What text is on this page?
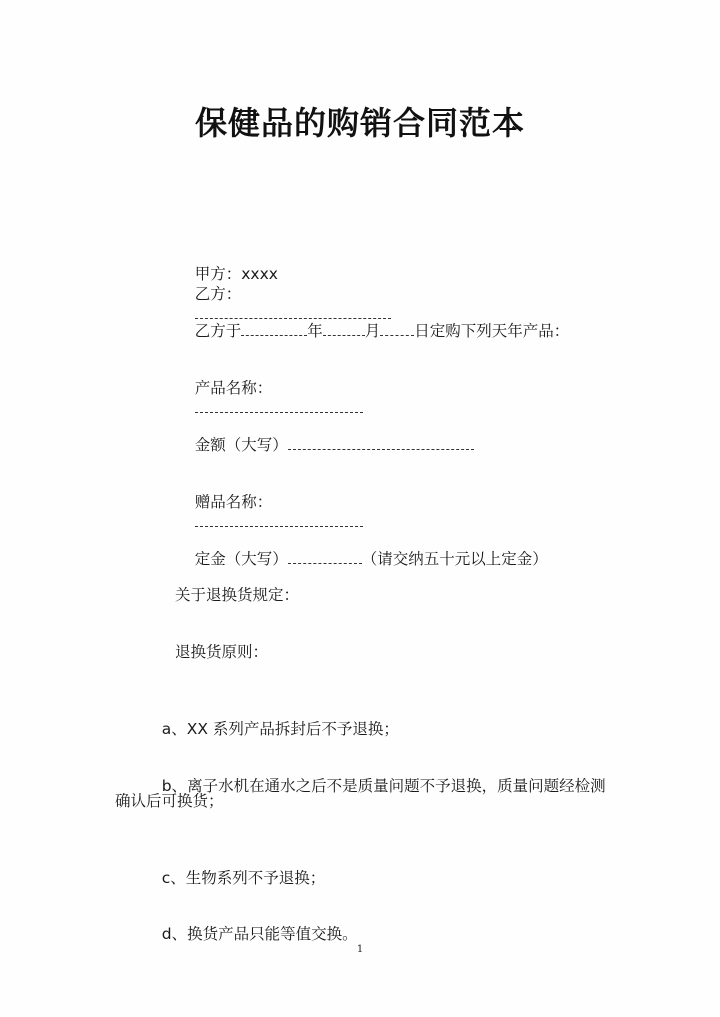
保健品的购销合同范本

甲方：xxxx
乙方：

乙方于	年	月 日定购下列天年产品：

产品名称：

金额（大写）

赠品名称：

定金（大写）	（请交纳五十元以上定金）

关于退换货规定：
退换货原则：

a、XX 系列产品拆封后不予退换；

b、离子水机在通水之后不是质量问题不予退换，质量问题经检测

确认后可换货；

c、生物系列不予退换；

d、换货产品只能等值交换。

1
